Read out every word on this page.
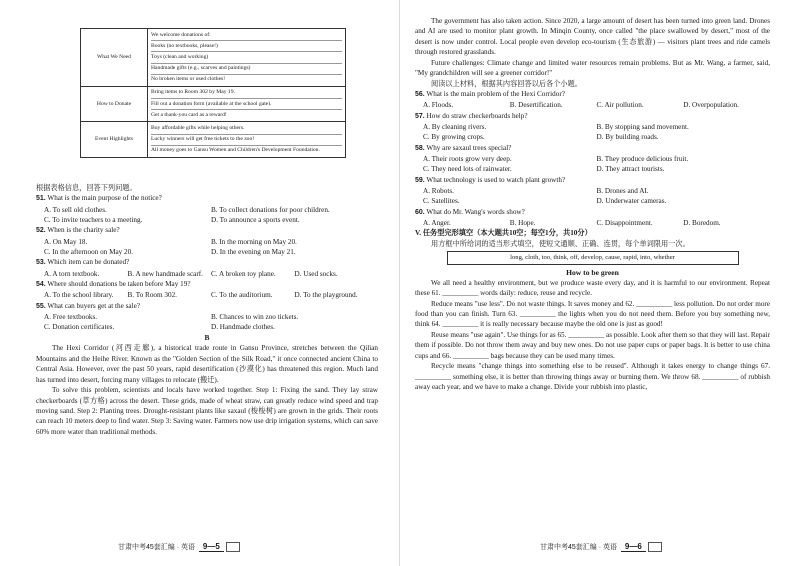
What We Need	We welcome donations of:

Books (no textbooks, please!)

Toys (clean and working)

Handmade gifts (e.g., scarves and paintings)

No broken items or used clothes!

How to Donate	Bring items to Room 302 by May 19.

Fill out a donation form (available at the school gate).

Get a thank-you card as a reward!

Event Highlights	Buy affordable gifts while helping others.

Lucky winners will get free tickets to the zoo!

All money goes to Gansu Women and Children's Development Foundation.

根据表格信息，回答下列问题。

51. What is the main purpose of the notice?

A. To sell old clothes.	B. To collect donations for poor children.
C. To invite teachers to a meeting.	D. To announce a sports event.

52. When is the charity sale?

A. On May 18.	B. In the morning on May 20.
C. In the afternoon on May 20.	D. In the evening on May 21.

53. Which item can be donated?

A. A torn textbook.	B. A new handmade scarf.	C. A broken toy plane.	D. Used socks.

54. Where should donations be taken before May 19?

A. To the school library.	B. To Room 302.	C. To the auditorium.	D. To the playground.

55. What can buyers get at the sale?

A. Free textbooks.	B. Chances to win zoo tickets.
C. Donation certificates.	D. Handmade clothes.

B

The Hexi Corridor (河西走廊), a historical trade route in Gansu Province, stretches between the Qilian Mountains and the Heihe River. Known as the "Golden Section of the Silk Road," it once connected ancient China to Central Asia. However, over the past 50 years, rapid desertification (沙漠化) has threatened this region. Much land has turned into desert, forcing many villages to relocate (搬迁).

To solve this problem, scientists and locals have worked together. Step 1: Fixing the sand. They lay straw checkerboards (草方格) across the desert. These grids, made of wheat straw, can greatly reduce wind speed and trap moving sand. Step 2: Planting trees. Drought-resistant plants like saxaul (梭梭树) are grown in the grids. Their roots can reach 10 meters deep to find water. Step 3: Saving water. Farmers now use drip irrigation systems, which can save 60% more water than traditional methods.

甘肃中考45套汇编 · 英语 9—5

The government has also taken action. Since 2020, a large amount of desert has been turned into green land. Drones and AI are used to monitor plant growth. In Minqin County, once called "the place swallowed by desert," most of the desert is now under control. Local people even develop eco-tourism (生态旅游) — visitors plant trees and ride camels through restored grasslands.

Future challenges: Climate change and limited water resources remain problems. But as Mr. Wang, a farmer, said, "My grandchildren will see a greener corridor!"

阅读以上材料，根据其内容回答以后各个小题。

56. What is the main problem of the Hexi Corridor?

A. Floods.	B. Desertification.	C. Air pollution.	D. Overpopulation.

57. How do straw checkerboards help?

A. By cleaning rivers.	B. By stopping sand movement.
C. By growing crops.	D. By building roads.

58. Why are saxaul trees special?

A. Their roots grow very deep.	B. They produce delicious fruit.
C. They need lots of rainwater.	D. They attract tourists.

59. What technology is used to watch plant growth?

A. Robots.	B. Drones and AI.
C. Satellites.	D. Underwater cameras.

60. What do Mr. Wang's words show?

A. Anger.	B. Hope.	C. Disappointment.	D. Boredom.

V. 任务型完形填空（本大题共10空；每空1分，共10分）

用方框中所给词的适当形式填空，使短文通顺、正确、连贯，每个单词限用一次。

long, cloth, too, think, off, develop, cause, rapid, into, whether

How to be green

We all need a healthy environment, but we produce waste every day, and it is harmful to our environment. Repeat these 61. __________ words daily: reduce, reuse and recycle.

Reduce means "use less". Do not waste things. It saves money and 62. __________ less pollution. Do not order more food than you can finish. Turn 63. __________ the lights when you do not need them. Before you buy something new, think 64. __________ it is really necessary because maybe the old one is just as good!

Reuse means "use again". Use things for as 65. __________ as possible. Look after them so that they will last. Repair them if possible. Do not throw them away and buy new ones. Do not use paper cups or paper bags. It is better to use china cups and 66. __________ bags because they can be used many times.

Recycle means "change things into something else to be reused". Although it takes energy to change things 67. __________ something else, it is better than throwing things away or burning them. We throw 68. __________ of rubbish away each year, and we have to make a change. Divide your rubbish into plastic,

甘肃中考45套汇编 · 英语 9—6
